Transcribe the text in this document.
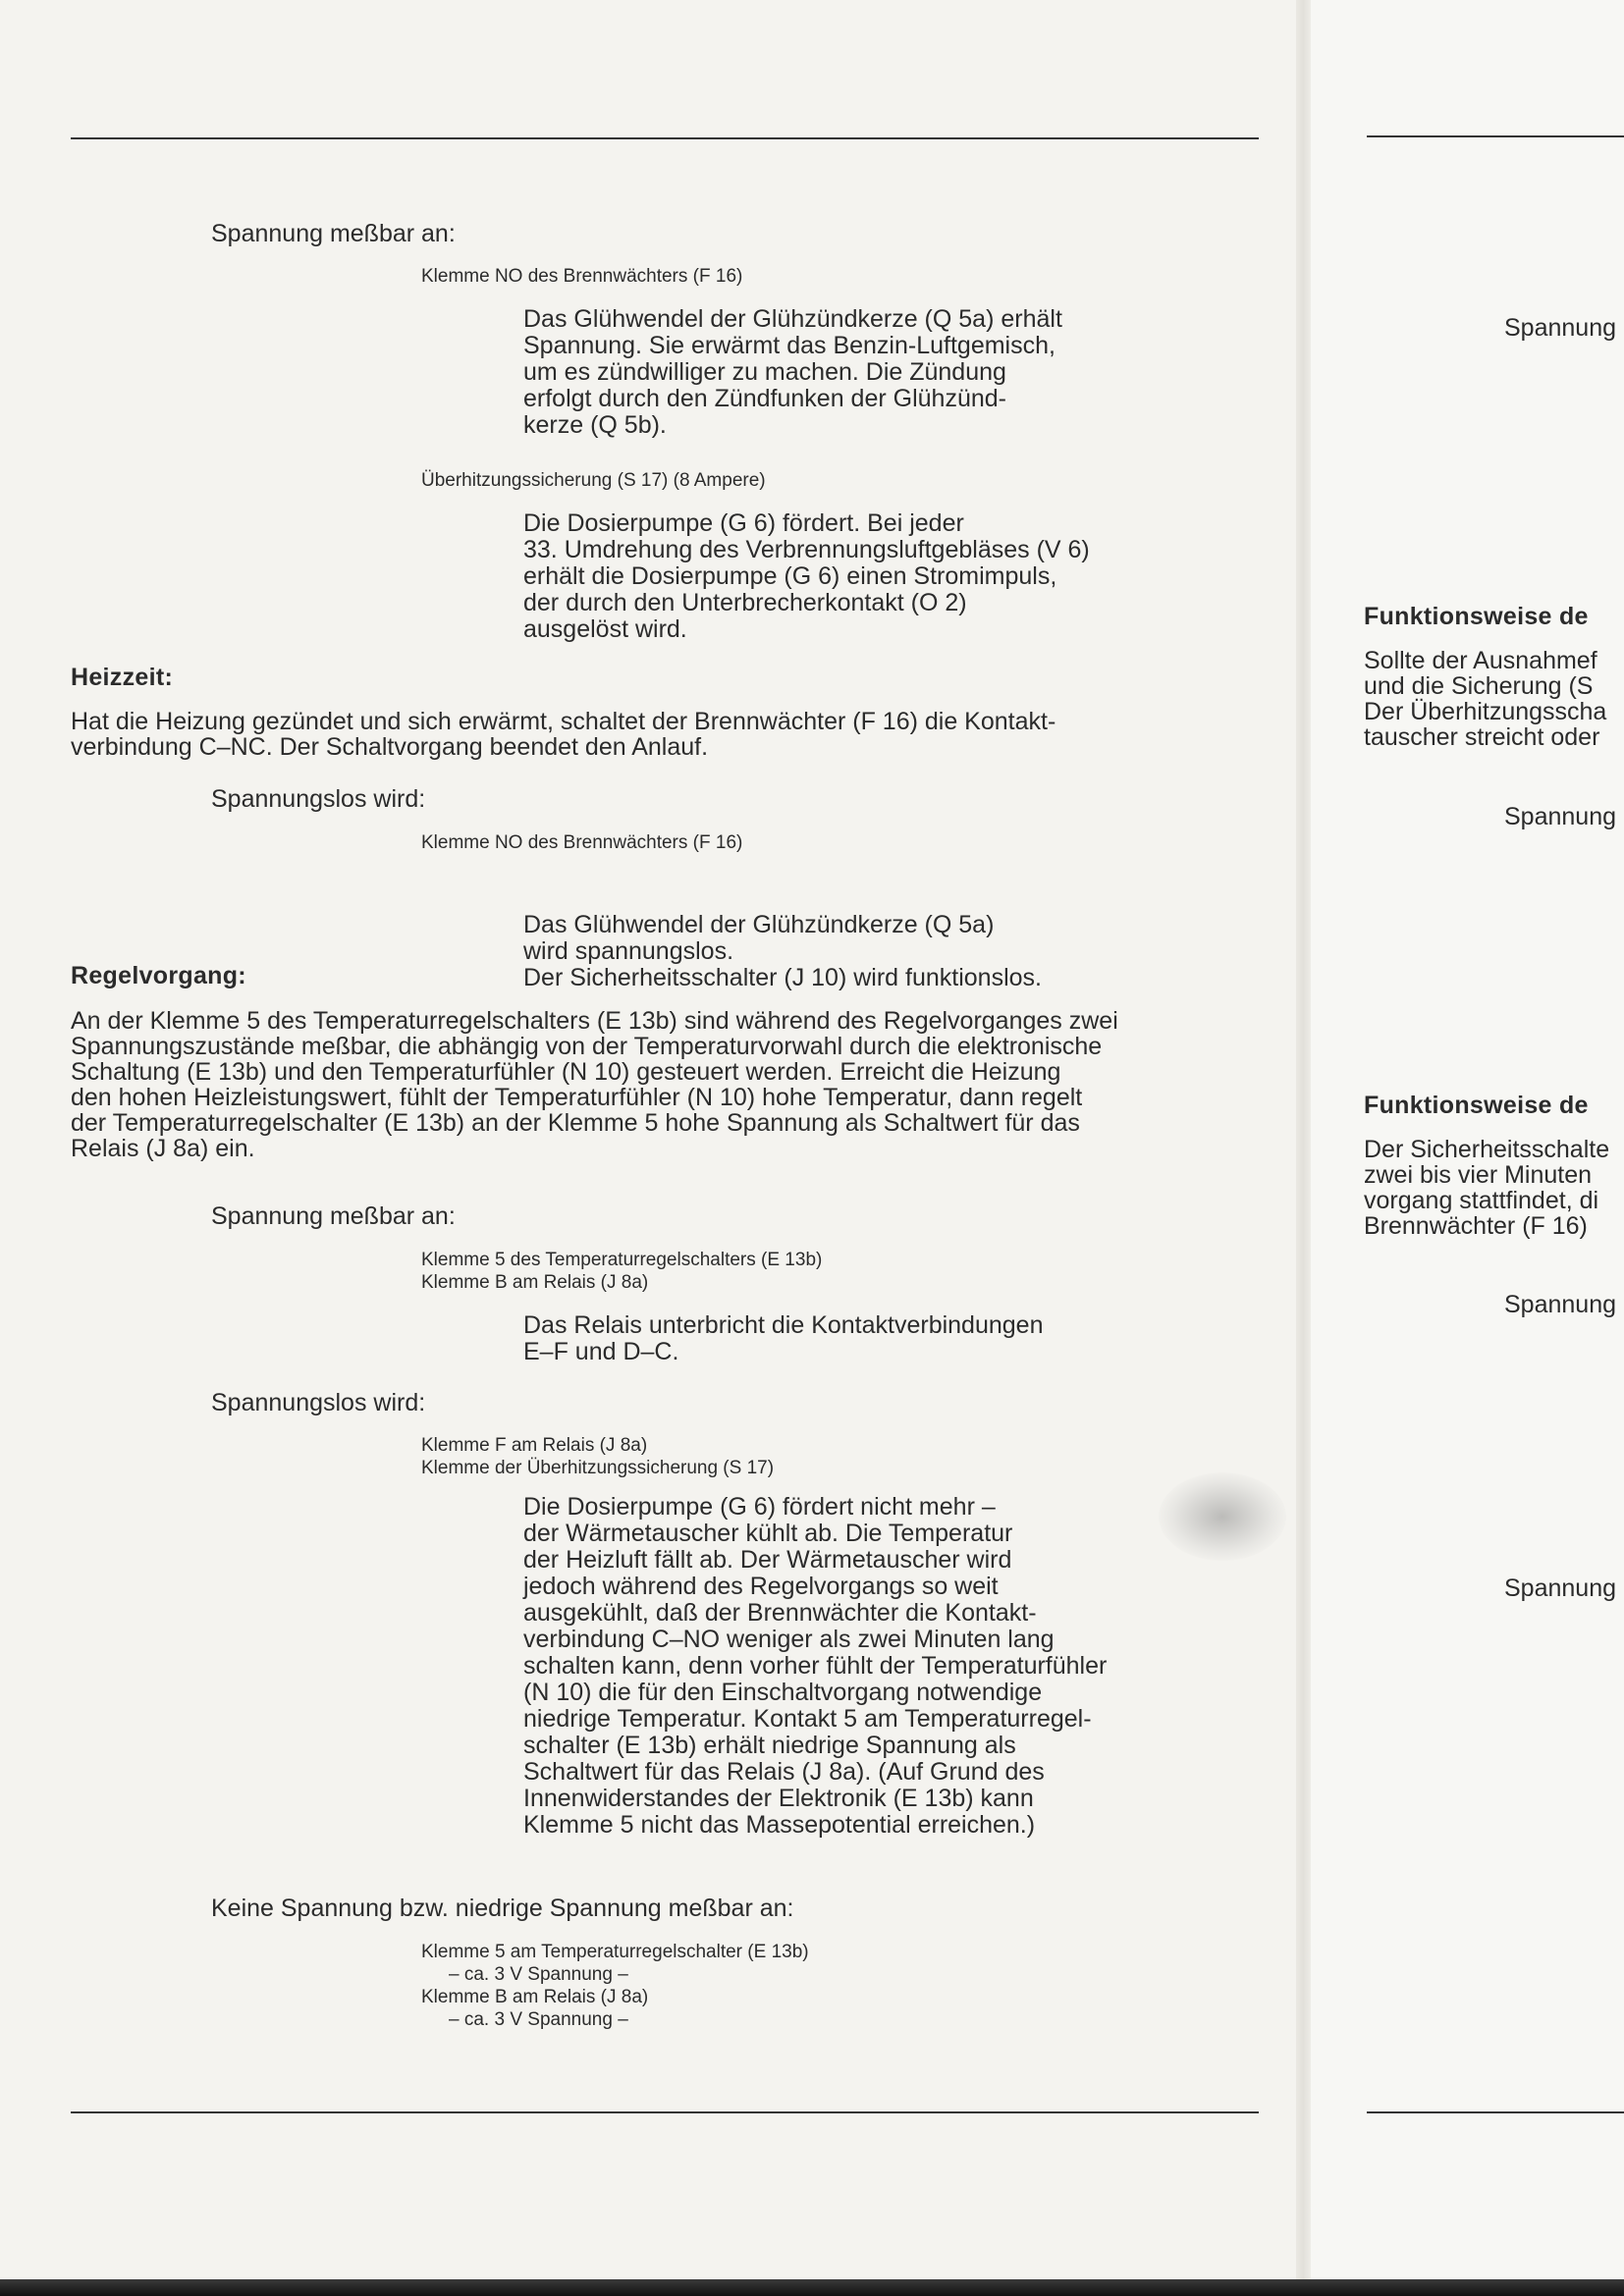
Spannung meßbar an:

Klemme NO des Brennwächters (F 16)

Das Glühwendel der Glühzündkerze (Q 5a) erhält
Spannung. Sie erwärmt das Benzin-Luftgemisch,
um es zündwilliger zu machen. Die Zündung
erfolgt durch den Zündfunken der Glühzünd-
kerze (Q 5b).

Überhitzungssicherung (S 17) (8 Ampere)

Die Dosierpumpe (G 6) fördert. Bei jeder
33. Umdrehung des Verbrennungsluftgebläses (V 6)
erhält die Dosierpumpe (G 6) einen Stromimpuls,
der durch den Unterbrecherkontakt (O 2)
ausgelöst wird.

Heizzeit:

Hat die Heizung gezündet und sich erwärmt, schaltet der Brennwächter (F 16) die Kontakt-
verbindung C–NC. Der Schaltvorgang beendet den Anlauf.

Spannungslos wird:

Klemme NO des Brennwächters (F 16)

Das Glühwendel der Glühzündkerze (Q 5a)
wird spannungslos.
Der Sicherheitsschalter (J 10) wird funktionslos.

Regelvorgang:

An der Klemme 5 des Temperaturregelschalters (E 13b) sind während des Regelvorganges zwei
Spannungszustände meßbar, die abhängig von der Temperaturvorwahl durch die elektronische
Schaltung (E 13b) und den Temperaturfühler (N 10) gesteuert werden. Erreicht die Heizung
den hohen Heizleistungswert, fühlt der Temperaturfühler (N 10) hohe Temperatur, dann regelt
der Temperaturregelschalter (E 13b) an der Klemme 5 hohe Spannung als Schaltwert für das
Relais (J 8a) ein.

Spannung meßbar an:

Klemme 5 des Temperaturregelschalters (E 13b)
Klemme B am Relais (J 8a)
Das Relais unterbricht die Kontaktverbindungen
E–F und D–C.

Spannungslos wird:

Klemme F am Relais (J 8a)
Klemme der Überhitzungssicherung (S 17)
Die Dosierpumpe (G 6) fördert nicht mehr –
der Wärmetauscher kühlt ab. Die Temperatur
der Heizluft fällt ab. Der Wärmetauscher wird
jedoch während des Regelvorgangs so weit
ausgekühlt, daß der Brennwächter die Kontakt-
verbindung C–NO weniger als zwei Minuten lang
schalten kann, denn vorher fühlt der Temperaturfühler
(N 10) die für den Einschaltvorgang notwendige
niedrige Temperatur. Kontakt 5 am Temperaturregel-
schalter (E 13b) erhält niedrige Spannung als
Schaltwert für das Relais (J 8a). (Auf Grund des
Innenwiderstandes der Elektronik (E 13b) kann
Klemme 5 nicht das Massepotential erreichen.)

Keine Spannung bzw. niedrige Spannung meßbar an:

Klemme 5 am Temperaturregelschalter (E 13b)
– ca. 3 V Spannung –
Klemme B am Relais (J 8a)
– ca. 3 V Spannung –

Spannung

Funktionsweise de

Sollte der Ausnahmef
und die Sicherung (S
Der Überhitzungsscha
tauscher streicht oder

Spannung

Funktionsweise de

Der Sicherheitsschalte
zwei bis vier Minuten
vorgang stattfindet, di
Brennwächter (F 16)

Spannung

Spannung
